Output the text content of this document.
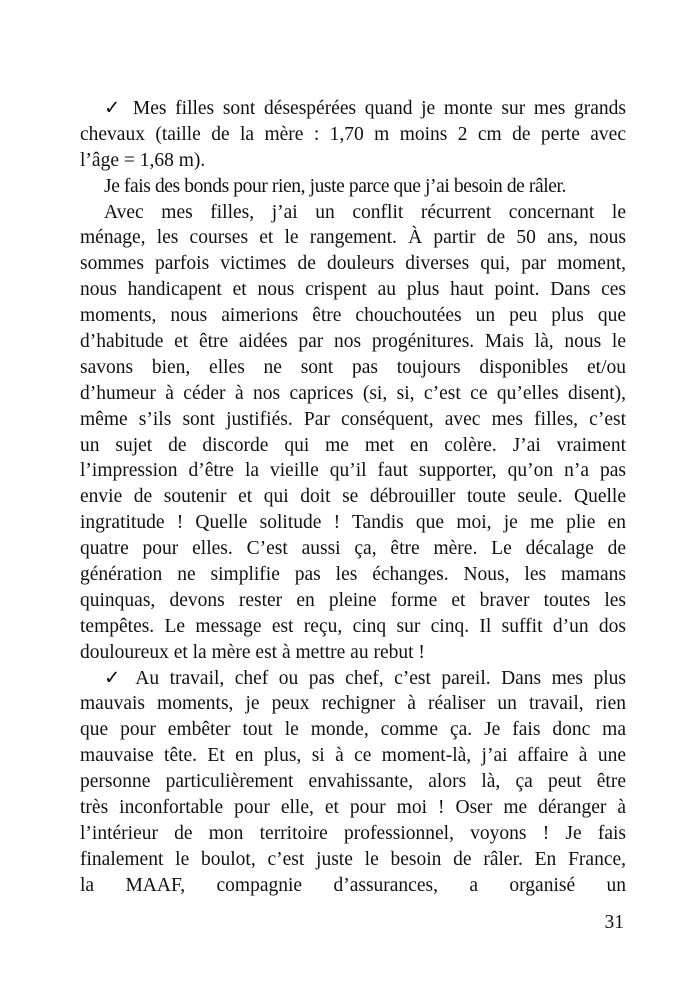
✓ Mes filles sont désespérées quand je monte sur mes grands
chevaux (taille de la mère : 1,70 m moins 2 cm de perte avec
l’âge = 1,68 m).
Je fais des bonds pour rien, juste parce que j’ai besoin de râler.
Avec mes filles, j’ai un conflit récurrent concernant le
ménage, les courses et le rangement. À partir de 50 ans, nous
sommes parfois victimes de douleurs diverses qui, par moment,
nous handicapent et nous crispent au plus haut point. Dans ces
moments, nous aimerions être chouchoutées un peu plus que
d’habitude et être aidées par nos progénitures. Mais là, nous le
savons bien, elles ne sont pas toujours disponibles et/ou
d’humeur à céder à nos caprices (si, si, c’est ce qu’elles disent),
même s’ils sont justifiés. Par conséquent, avec mes filles, c’est
un sujet de discorde qui me met en colère. J’ai vraiment
l’impression d’être la vieille qu’il faut supporter, qu’on n’a pas
envie de soutenir et qui doit se débrouiller toute seule. Quelle
ingratitude ! Quelle solitude ! Tandis que moi, je me plie en
quatre pour elles. C’est aussi ça, être mère. Le décalage de
génération ne simplifie pas les échanges. Nous, les mamans
quinquas, devons rester en pleine forme et braver toutes les
tempêtes. Le message est reçu, cinq sur cinq. Il suffit d’un dos
douloureux et la mère est à mettre au rebut !
✓ Au travail, chef ou pas chef, c’est pareil. Dans mes plus
mauvais moments, je peux rechigner à réaliser un travail, rien
que pour embêter tout le monde, comme ça. Je fais donc ma
mauvaise tête. Et en plus, si à ce moment-là, j’ai affaire à une
personne particulièrement envahissante, alors là, ça peut être
très inconfortable pour elle, et pour moi ! Oser me déranger à
l’intérieur de mon territoire professionnel, voyons ! Je fais
finalement le boulot, c’est juste le besoin de râler. En France,
la MAAF, compagnie d’assurances, a organisé un
31
